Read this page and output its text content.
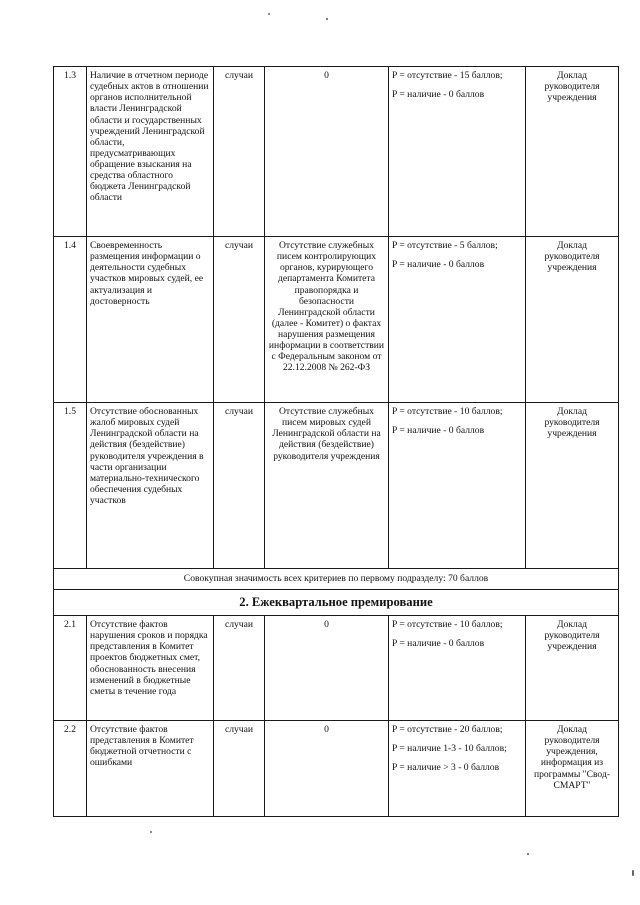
1.3	Наличие в отчетном периоде судебных актов в отношении органов исполнительной власти Ленинградской области и государственных учреждений Ленинградской области, предусматривающих обращение взыскания на средства областного бюджета Ленинградской области	случаи	0	P = отсутствие - 15 баллов;

P = наличие - 0 баллов	Доклад руководителя учреждения
1.4	Своевременность размещения информации о деятельности судебных участков мировых судей, ее актуализация и достоверность	случаи	Отсутствие служебных писем контролирующих органов, курирующего департамента Комитета правопорядка и безопасности Ленинградской области (далее - Комитет) о фактах нарушения размещения информации в соответствии с Федеральным законом от 22.12.2008 № 262-ФЗ	P = отсутствие - 5 баллов;

P = наличие - 0 баллов	Доклад руководителя учреждения
1.5	Отсутствие обоснованных жалоб мировых судей Ленинградской области на действия (бездействие) руководителя учреждения в части организации материально-технического обеспечения судебных участков	случаи	Отсутствие служебных писем мировых судей Ленинградской области на действия (бездействие) руководителя учреждения	P = отсутствие - 10 баллов;

P = наличие - 0 баллов	Доклад руководителя учреждения
Совокупная значимость всех критериев по первому подразделу: 70 баллов					
2. Ежеквартальное премирование					
2.1	Отсутствие фактов нарушения сроков и порядка представления в Комитет проектов бюджетных смет, обоснованность внесения изменений в бюджетные сметы в течение года	случаи	0	P = отсутствие - 10 баллов;

P = наличие - 0 баллов	Доклад руководителя учреждения
2.2	Отсутствие фактов представления в Комитет бюджетной отчетности с ошибками	случаи	0	P = отсутствие - 20 баллов;

P = наличие 1-3 - 10 баллов;

P = наличие > 3 - 0 баллов	Доклад руководителя учреждения, информация из программы "Свод-СМАРТ"
